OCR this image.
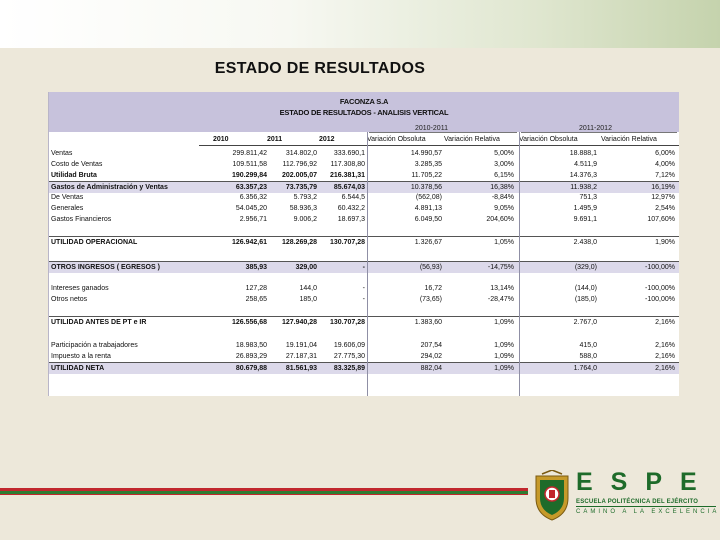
ESTADO DE RESULTADOS
FACONZA S.A
ESTADO DE RESULTADOS - ANALISIS VERTICAL
2010-2011	2011-2012
2010	2011	2012	Variación Obsoluta	Variación Relativa	Variación Obsoluta	Variación Relativa
Ventas	299.811,42	314.802,0	333.690,1	14.990,57	5,00%	18.888,1	6,00%
Costo de Ventas	109.511,58	112.796,92	117.308,80	3.285,35	3,00%	4.511,9	4,00%
Utilidad Bruta	190.299,84	202.005,07	216.381,31	11.705,22	6,15%	14.376,3	7,12%
Gastos de Administración y Ventas	63.357,23	73.735,79	85.674,03	10.378,56	16,38%	11.938,2	16,19%
De Ventas	6.356,32	5.793,2	6.544,5	(562,08)	-8,84%	751,3	12,97%
Generales	54.045,20	58.936,3	60.432,2	4.891,13	9,05%	1.495,9	2,54%
Gastos Financieros	2.956,71	9.006,2	18.697,3	6.049,50	204,60%	9.691,1	107,60%
UTILIDAD OPERACIONAL	126.942,61	128.269,28	130.707,28	1.326,67	1,05%	2.438,0	1,90%
OTROS INGRESOS ( EGRESOS )	385,93	329,00	-	(56,93)	-14,75%	(329,0)	-100,00%
Intereses ganados	127,28	144,0	-	16,72	13,14%	(144,0)	-100,00%
Otros netos	258,65	185,0	-	(73,65)	-28,47%	(185,0)	-100,00%
UTILIDAD ANTES DE PT e IR	126.556,68	127.940,28	130.707,28	1.383,60	1,09%	2.767,0	2,16%
Participación a trabajadores	18.983,50	19.191,04	19.606,09	207,54	1,09%	415,0	2,16%
Impuesto a la renta	26.893,29	27.187,31	27.775,30	294,02	1,09%	588,0	2,16%
UTILIDAD NETA	80.679,88	81.561,93	83.325,89	882,04	1,09%	1.764,0	2,16%
ESPE
ESCUELA POLITÉCNICA DEL EJÉRCITO
CAMINO A LA EXCELENCIA
